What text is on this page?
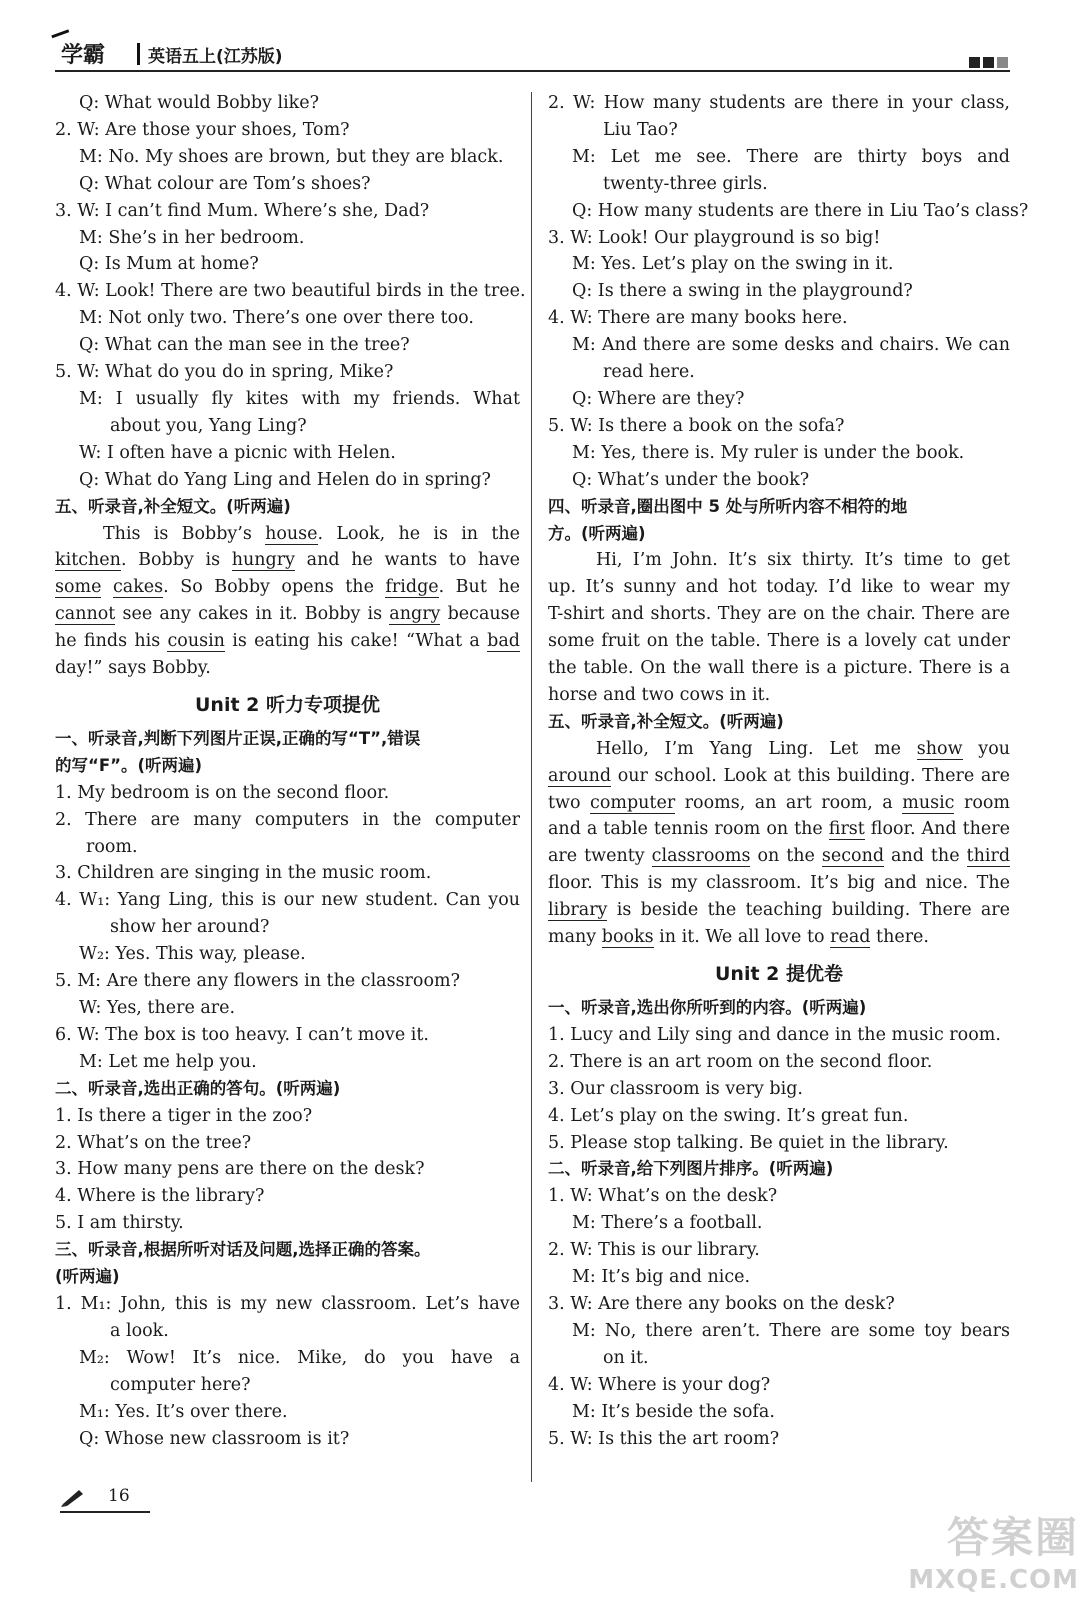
学霸	英语五上(江苏版)
Q: What would Bobby like?
2. W: Are those your shoes, Tom?
M: No. My shoes are brown, but they are black.
Q: What colour are Tom’s shoes?
3. W: I can’t find Mum. Where’s she, Dad?
M: She’s in her bedroom.
Q: Is Mum at home?
4. W: Look! There are two beautiful birds in the tree.
M: Not only two. There’s one over there too.
Q: What can the man see in the tree?
5. W: What do you do in spring, Mike?
M: I usually fly kites with my friends. What
about you, Yang Ling?
W: I often have a picnic with Helen.
Q: What do Yang Ling and Helen do in spring?
五、听录音,补全短文。(听两遍)
This is Bobby’s house. Look, he is in the
kitchen. Bobby is hungry and he wants to have
some cakes. So Bobby opens the fridge. But he
cannot see any cakes in it. Bobby is angry because
he finds his cousin is eating his cake! “What a bad
day!” says Bobby.
Unit 2 听力专项提优
一、听录音,判断下列图片正误,正确的写“T”,错误
的写“F”。(听两遍)
1. My bedroom is on the second floor.
2. There are many computers in the computer
room.
3. Children are singing in the music room.
4. W₁: Yang Ling, this is our new student. Can you
show her around?
W₂: Yes. This way, please.
5. M: Are there any flowers in the classroom?
W: Yes, there are.
6. W: The box is too heavy. I can’t move it.
M: Let me help you.
二、听录音,选出正确的答句。(听两遍)
1. Is there a tiger in the zoo?
2. What’s on the tree?
3. How many pens are there on the desk?
4. Where is the library?
5. I am thirsty.
三、听录音,根据所听对话及问题,选择正确的答案。
(听两遍)
1. M₁: John, this is my new classroom. Let’s have
a look.
M₂: Wow! It’s nice. Mike, do you have a
computer here?
M₁: Yes. It’s over there.
Q: Whose new classroom is it?
2. W: How many students are there in your class,
Liu Tao?
M: Let me see. There are thirty boys and
twenty-three girls.
Q: How many students are there in Liu Tao’s class?
3. W: Look! Our playground is so big!
M: Yes. Let’s play on the swing in it.
Q: Is there a swing in the playground?
4. W: There are many books here.
M: And there are some desks and chairs. We can
read here.
Q: Where are they?
5. W: Is there a book on the sofa?
M: Yes, there is. My ruler is under the book.
Q: What’s under the book?
四、听录音,圈出图中 5 处与所听内容不相符的地
方。(听两遍)
Hi, I’m John. It’s six thirty. It’s time to get
up. It’s sunny and hot today. I’d like to wear my
T-shirt and shorts. They are on the chair. There are
some fruit on the table. There is a lovely cat under
the table. On the wall there is a picture. There is a
horse and two cows in it.
五、听录音,补全短文。(听两遍)
Hello, I’m Yang Ling. Let me show you
around our school. Look at this building. There are
two computer rooms, an art room, a music room
and a table tennis room on the first floor. And there
are twenty classrooms on the second and the third
floor. This is my classroom. It’s big and nice. The
library is beside the teaching building. There are
many books in it. We all love to read there.
Unit 2 提优卷
一、听录音,选出你所听到的内容。(听两遍)
1. Lucy and Lily sing and dance in the music room.
2. There is an art room on the second floor.
3. Our classroom is very big.
4. Let’s play on the swing. It’s great fun.
5. Please stop talking. Be quiet in the library.
二、听录音,给下列图片排序。(听两遍)
1. W: What’s on the desk?
M: There’s a football.
2. W: This is our library.
M: It’s big and nice.
3. W: Are there any books on the desk?
M: No, there aren’t. There are some toy bears
on it.
4. W: Where is your dog?
M: It’s beside the sofa.
5. W: Is this the art room?
16
答案圈
MXQE.COM
